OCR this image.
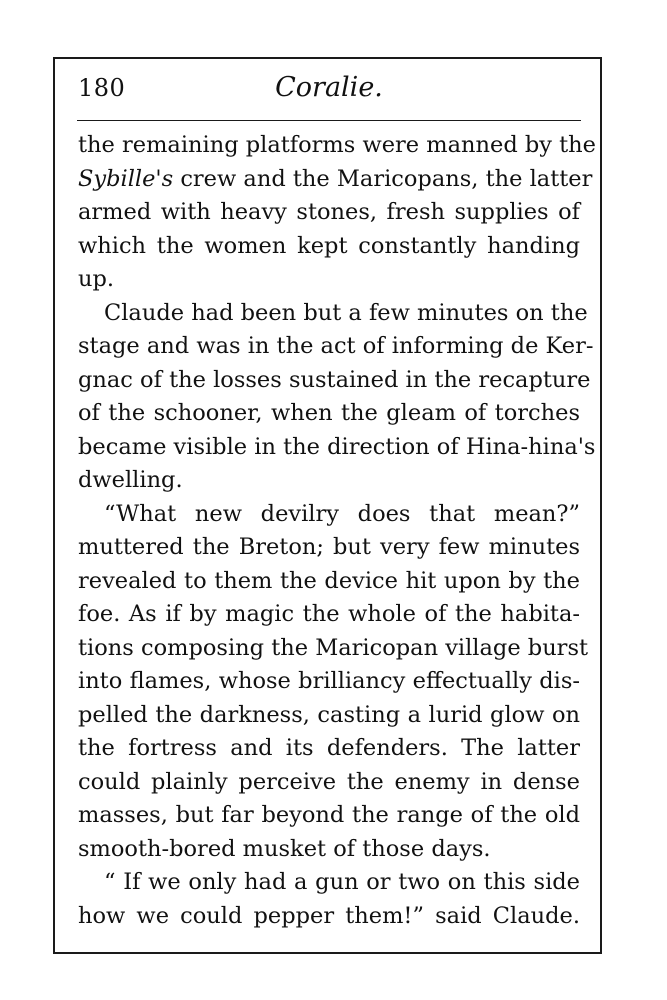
180	Coralie.
the remaining platforms were manned by the
Sybille's crew and the Maricopans, the latter
armed with heavy stones, fresh supplies of
which the women kept constantly handing
up.
Claude had been but a few minutes on the
stage and was in the act of informing de Ker-
gnac of the losses sustained in the recapture
of the schooner, when the gleam of torches
became visible in the direction of Hina-hina's
dwelling.
“What new devilry does that mean?”
muttered the Breton; but very few minutes
revealed to them the device hit upon by the
foe. As if by magic the whole of the habita-
tions composing the Maricopan village burst
into flames, whose brilliancy effectually dis-
pelled the darkness, casting a lurid glow on
the fortress and its defenders. The latter
could plainly perceive the enemy in dense
masses, but far beyond the range of the old
smooth-bored musket of those days.
“ If we only had a gun or two on this side
how we could pepper them!” said Claude.
